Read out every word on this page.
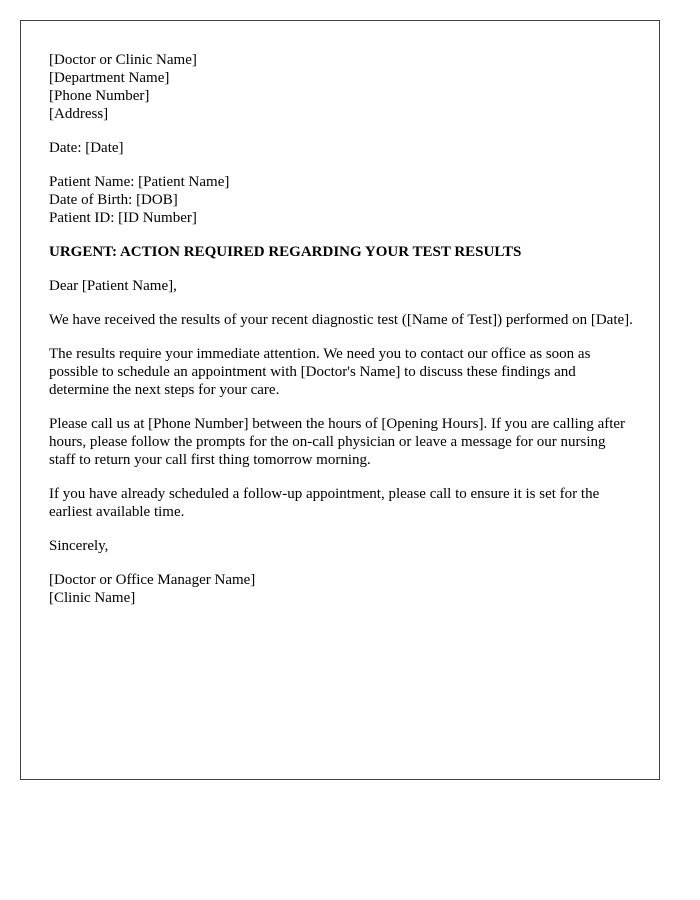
[Doctor or Clinic Name]
[Department Name]
[Phone Number]
[Address]
Date: [Date]
Patient Name: [Patient Name]
Date of Birth: [DOB]
Patient ID: [ID Number]
URGENT: ACTION REQUIRED REGARDING YOUR TEST RESULTS

Dear [Patient Name],

We have received the results of your recent diagnostic test ([Name of Test]) performed on [Date].

The results require your immediate attention. We need you to contact our office as soon as possible to schedule an appointment with [Doctor's Name] to discuss these findings and determine the next steps for your care.

Please call us at [Phone Number] between the hours of [Opening Hours]. If you are calling after hours, please follow the prompts for the on-call physician or leave a message for our nursing staff to return your call first thing tomorrow morning.

If you have already scheduled a follow-up appointment, please call to ensure it is set for the earliest available time.

Sincerely,

[Doctor or Office Manager Name]
[Clinic Name]
